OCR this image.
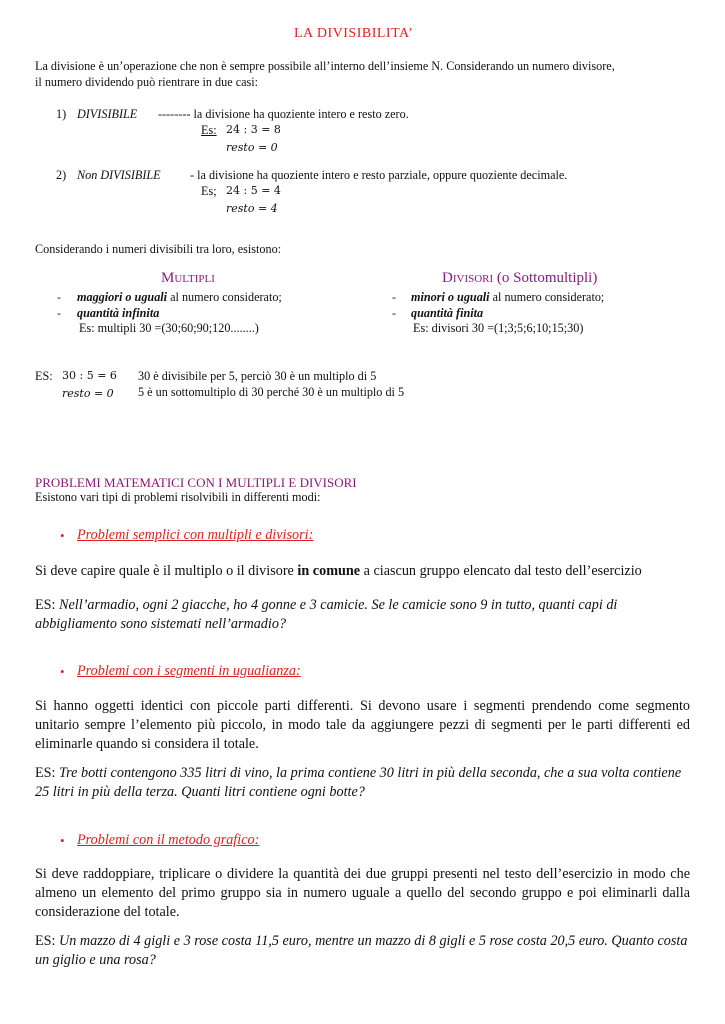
LA DIVISIBILITA’
La divisione è un’operazione che non è sempre possibile all’interno dell’insieme N. Considerando un numero divisore,
il numero dividendo può rientrare in due casi:
1) DIVISIBILE -------- la divisione ha quoziente intero e resto zero.
Es: 24 : 3 = 8
resto = 0
2) Non DIVISIBILE - la divisione ha quoziente intero e resto parziale, oppure quoziente decimale.
Es; 24 : 5 = 4
resto = 4
Considerando i numeri divisibili tra loro, esistono:
Multipli
- maggiori o uguali al numero considerato;
- quantità infinita
Es: multipli 30 =(30;60;90;120........)
Divisori (o Sottomultipli)
- minori o uguali al numero considerato;
- quantità finita
Es: divisori 30 =(1;3;5;6;10;15;30)
ES: 30 : 5 = 6
resto = 0
30 è divisibile per 5, perciò 30 è un multiplo di 5
5 è un sottomultiplo di 30 perché 30 è un multiplo di 5
PROBLEMI MATEMATICI CON I MULTIPLI E DIVISORI
Esistono vari tipi di problemi risolvibili in differenti modi:
• Problemi semplici con multipli e divisori:
Si deve capire quale è il multiplo o il divisore in comune a ciascun gruppo elencato dal testo dell’esercizio
ES: Nell’armadio, ogni 2 giacche, ho 4 gonne e 3 camicie. Se le camicie sono 9 in tutto, quanti capi di abbigliamento sono sistemati nell’armadio?
• Problemi con i segmenti in ugualianza:
Si hanno oggetti identici con piccole parti differenti. Si devono usare i segmenti prendendo come segmento unitario sempre l’elemento più piccolo, in modo tale da aggiungere pezzi di segmenti per le parti differenti ed eliminarle quando si considera il totale.
ES: Tre botti contengono 335 litri di vino, la prima contiene 30 litri in più della seconda, che a sua volta contiene 25 litri in più della terza. Quanti litri contiene ogni botte?
• Problemi con il metodo grafico:
Si deve raddoppiare, triplicare o dividere la quantità dei due gruppi presenti nel testo dell’esercizio in modo che almeno un elemento del primo gruppo sia in numero uguale a quello del secondo gruppo e poi eliminarli dalla considerazione del totale.
ES: Un mazzo di 4 gigli e 3 rose costa 11,5 euro, mentre un mazzo di 8 gigli e 5 rose costa 20,5 euro. Quanto costa un giglio e una rosa?
